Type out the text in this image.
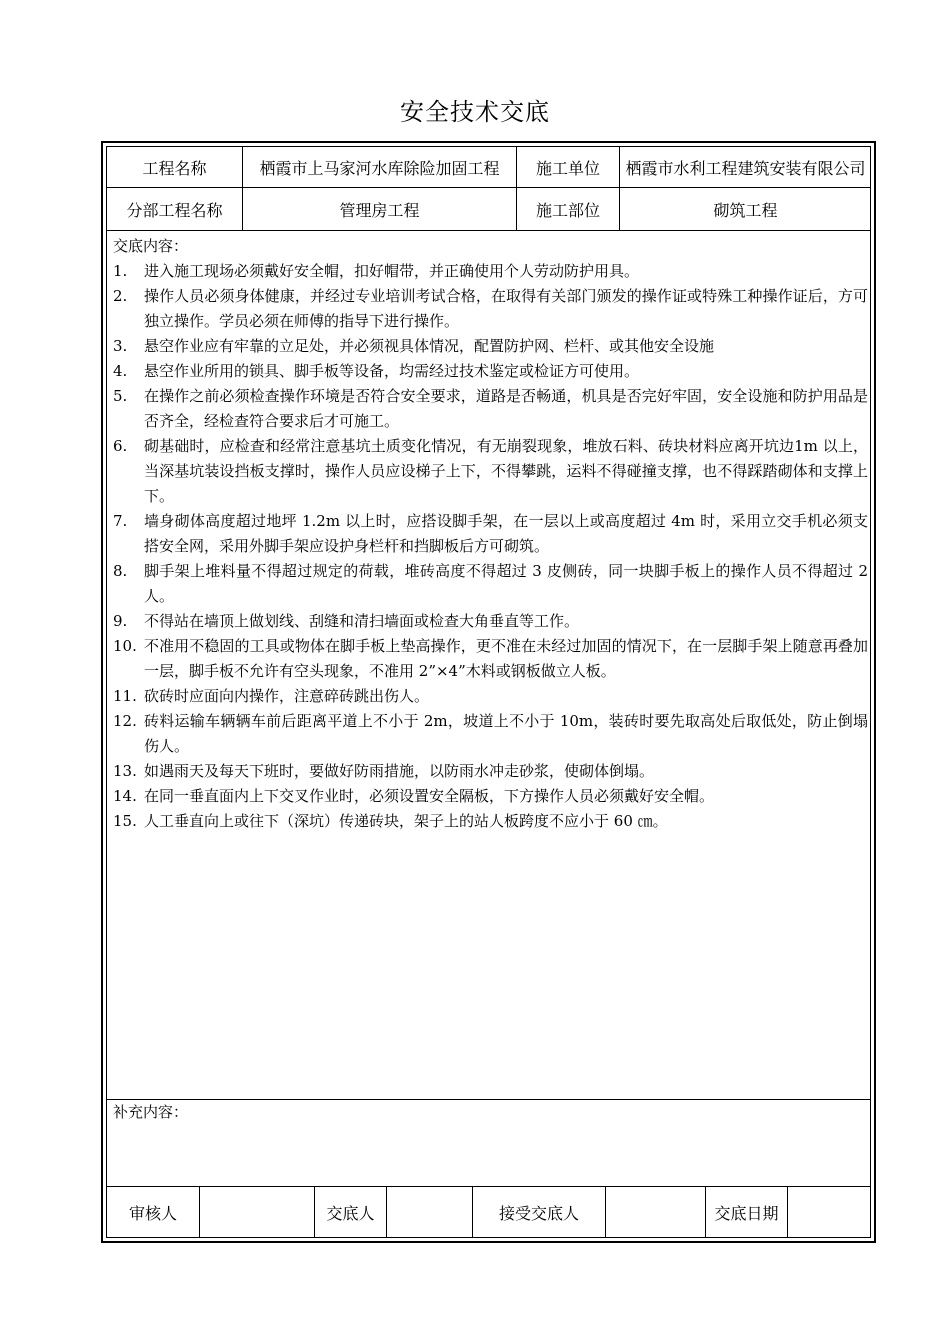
安全技术交底
工程名称	栖霞市上马家河水库除险加固工程	施工单位	栖霞市水利工程建筑安装有限公司
分部工程名称	管理房工程	施工部位	砌筑工程
交底内容：
1.	进入施工现场必须戴好安全帽，扣好帽带，并正确使用个人劳动防护用具。
2.	操作人员必须身体健康，并经过专业培训考试合格，在取得有关部门颁发的操作证或特殊工种操作证后，方可独立操作。学员必须在师傅的指导下进行操作。
3.	悬空作业应有牢靠的立足处，并必须视具体情况，配置防护网、栏杆、或其他安全设施
4.	悬空作业所用的锁具、脚手板等设备，均需经过技术鉴定或检证方可使用。
5.	在操作之前必须检查操作环境是否符合安全要求，道路是否畅通，机具是否完好牢固，安全设施和防护用品是否齐全，经检查符合要求后才可施工。
6.	砌基础时，应检查和经常注意基坑土质变化情况，有无崩裂现象，堆放石料、砖块材料应离开坑边1m 以上，当深基坑装设挡板支撑时，操作人员应设梯子上下，不得攀跳，运料不得碰撞支撑，也不得踩踏砌体和支撑上下。
7.	墙身砌体高度超过地坪 1.2m 以上时，应搭设脚手架，在一层以上或高度超过 4m 时，采用立交手机必须支搭安全网，采用外脚手架应设护身栏杆和挡脚板后方可砌筑。
8.	脚手架上堆料量不得超过规定的荷载，堆砖高度不得超过 3 皮侧砖，同一块脚手板上的操作人员不得超过 2 人。
9.	不得站在墙顶上做划线、刮缝和清扫墙面或检查大角垂直等工作。
10. 不准用不稳固的工具或物体在脚手板上垫高操作，更不准在未经过加固的情况下，在一层脚手架上随意再叠加一层，脚手板不允许有空头现象，不准用 2”×4”木料或钢板做立人板。
11. 砍砖时应面向内操作，注意碎砖跳出伤人。
12. 砖料运输车辆辆车前后距离平道上不小于 2m，坡道上不小于 10m，装砖时要先取高处后取低处，防止倒塌伤人。
13. 如遇雨天及每天下班时，要做好防雨措施，以防雨水冲走砂浆，使砌体倒塌。
14. 在同一垂直面内上下交叉作业时，必须设置安全隔板，下方操作人员必须戴好安全帽。
15. 人工垂直向上或往下（深坑）传递砖块，架子上的站人板跨度不应小于 60 ㎝。
补充内容：
审核人	交底人	接受交底人	交底日期
